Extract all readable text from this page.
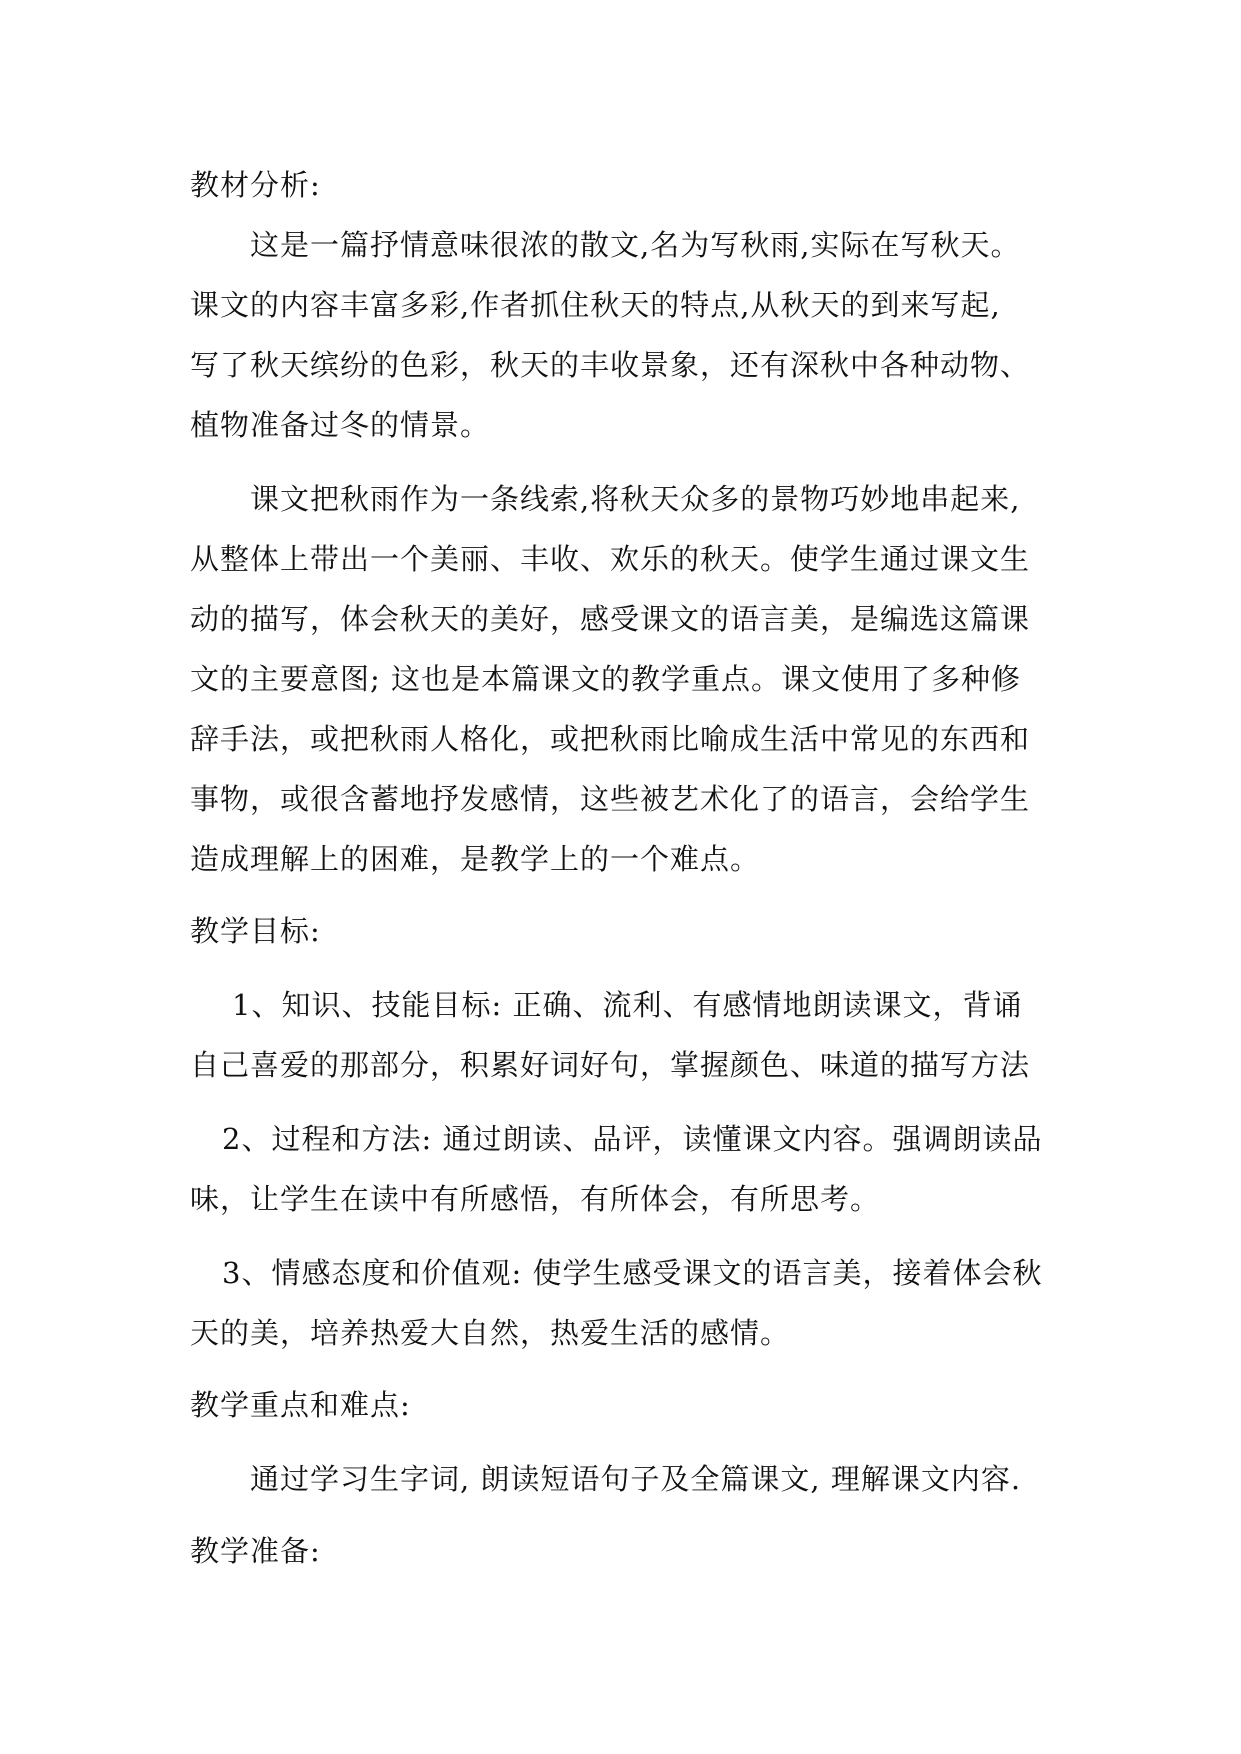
教材分析:
这是一篇抒情意味很浓的散文,名为写秋雨,实际在写秋天。
课文的内容丰富多彩,作者抓住秋天的特点,从秋天的到来写起,
写了秋天缤纷的色彩，秋天的丰收景象，还有深秋中各种动物、
植物准备过冬的情景。
课文把秋雨作为一条线索,将秋天众多的景物巧妙地串起来,
从整体上带出一个美丽、丰收、欢乐的秋天。使学生通过课文生
动的描写，体会秋天的美好，感受课文的语言美，是编选这篇课
文的主要意图; 这也是本篇课文的教学重点。课文使用了多种修
辞手法，或把秋雨人格化，或把秋雨比喻成生活中常见的东西和
事物，或很含蓄地抒发感情，这些被艺术化了的语言，会给学生
造成理解上的困难，是教学上的一个难点。
教学目标:
1、知识、技能目标: 正确、流利、有感情地朗读课文，背诵
自己喜爱的那部分，积累好词好句，掌握颜色、味道的描写方法
2、过程和方法: 通过朗读、品评，读懂课文内容。强调朗读品
味，让学生在读中有所感悟，有所体会，有所思考。
3、情感态度和价值观: 使学生感受课文的语言美，接着体会秋
天的美，培养热爱大自然，热爱生活的感情。
教学重点和难点:
通过学习生字词, 朗读短语句子及全篇课文, 理解课文内容.
教学准备:
